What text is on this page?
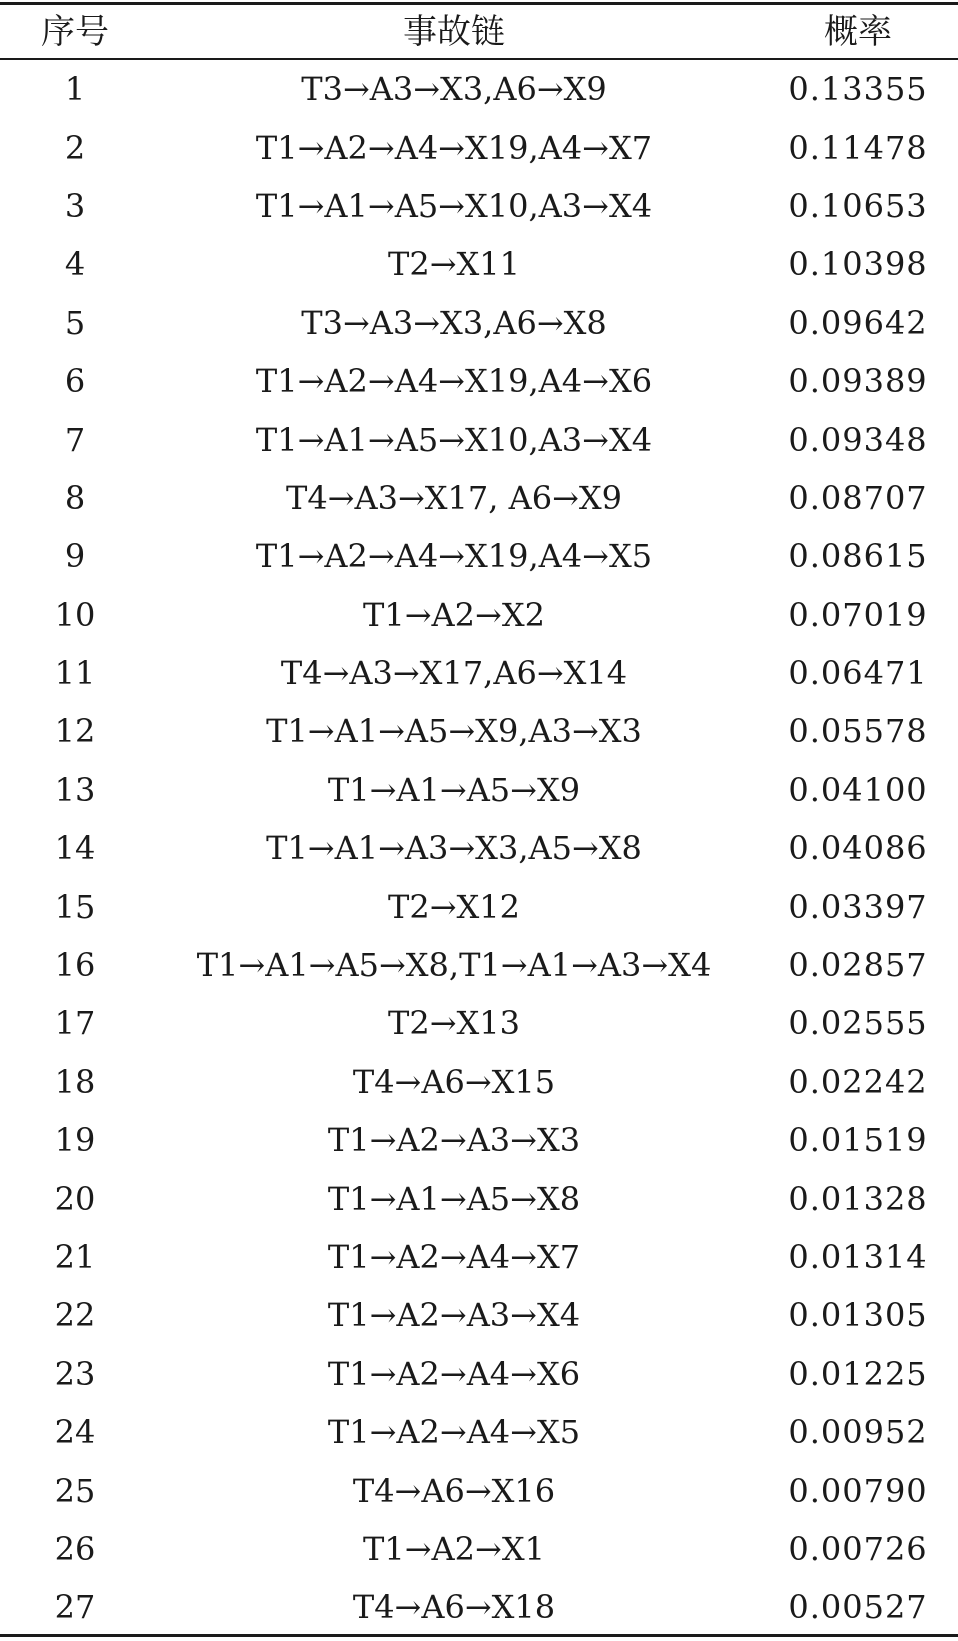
序号	事故链	概率
1	T3→A3→X3,A6→X9	0.13355
2	T1→A2→A4→X19,A4→X7	0.11478
3	T1→A1→A5→X10,A3→X4	0.10653
4	T2→X11	0.10398
5	T3→A3→X3,A6→X8	0.09642
6	T1→A2→A4→X19,A4→X6	0.09389
7	T1→A1→A5→X10,A3→X4	0.09348
8	T4→A3→X17, A6→X9	0.08707
9	T1→A2→A4→X19,A4→X5	0.08615
10	T1→A2→X2	0.07019
11	T4→A3→X17,A6→X14	0.06471
12	T1→A1→A5→X9,A3→X3	0.05578
13	T1→A1→A5→X9	0.04100
14	T1→A1→A3→X3,A5→X8	0.04086
15	T2→X12	0.03397
16	T1→A1→A5→X8,T1→A1→A3→X4	0.02857
17	T2→X13	0.02555
18	T4→A6→X15	0.02242
19	T1→A2→A3→X3	0.01519
20	T1→A1→A5→X8	0.01328
21	T1→A2→A4→X7	0.01314
22	T1→A2→A3→X4	0.01305
23	T1→A2→A4→X6	0.01225
24	T1→A2→A4→X5	0.00952
25	T4→A6→X16	0.00790
26	T1→A2→X1	0.00726
27	T4→A6→X18	0.00527
